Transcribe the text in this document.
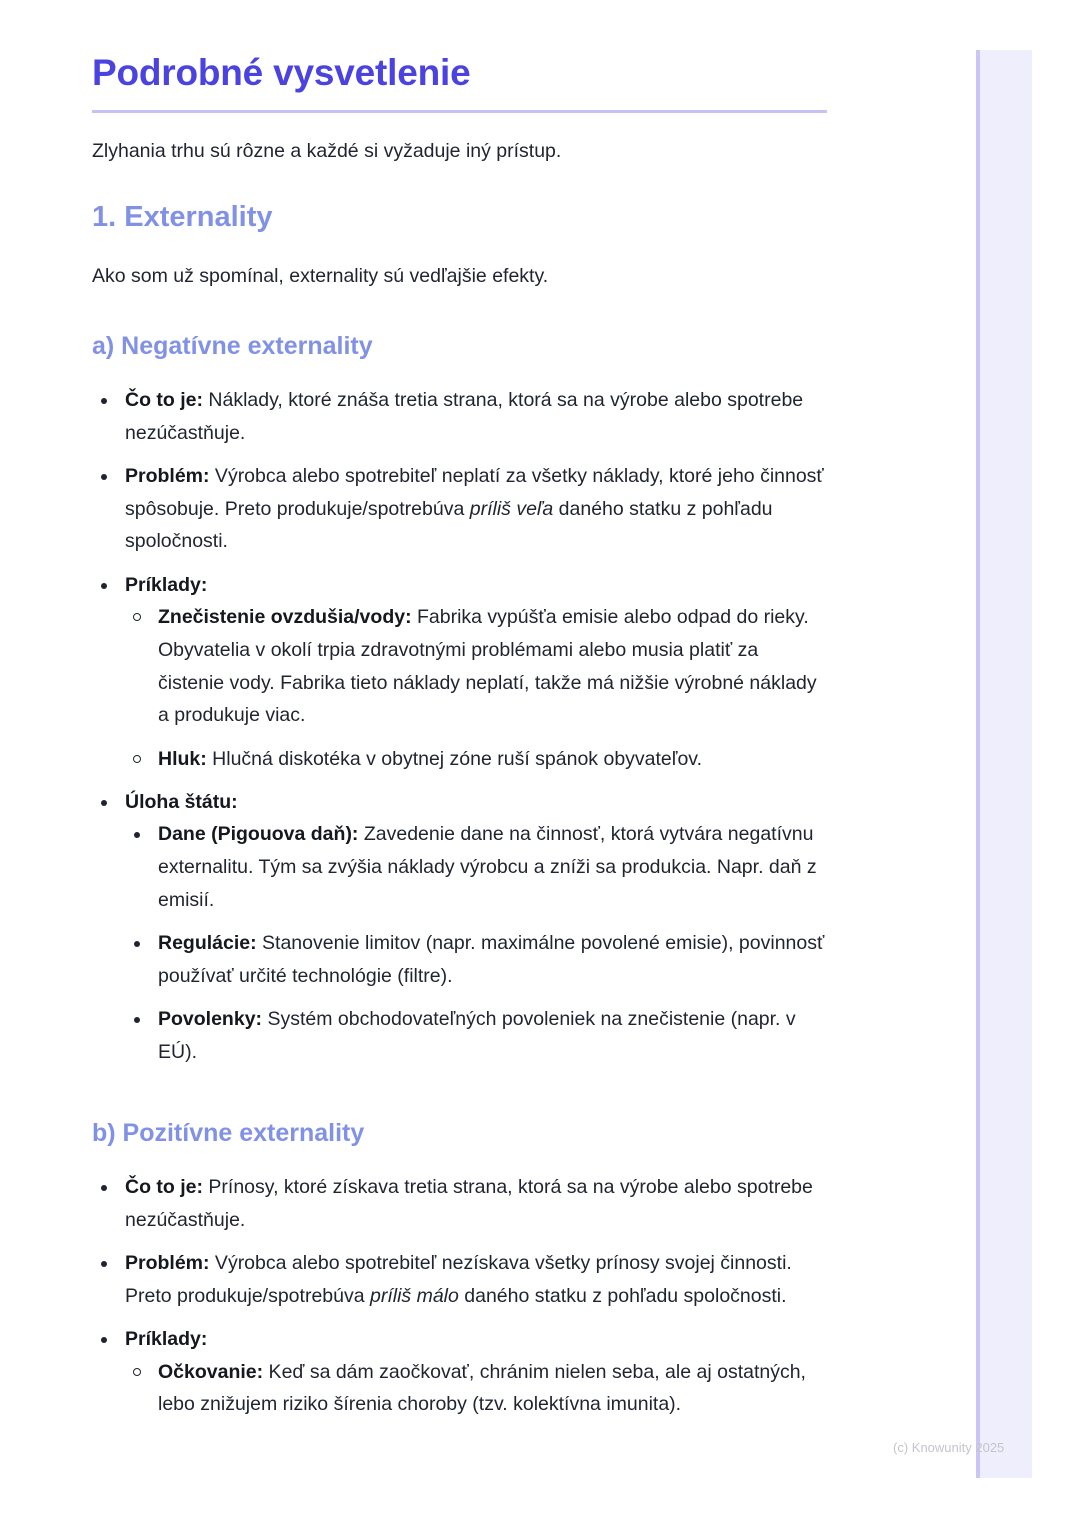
Podrobné vysvetlenie

Zlyhania trhu sú rôzne a každé si vyžaduje iný prístup.

1. Externality

Ako som už spomínal, externality sú vedľajšie efekty.

a) Negatívne externality
Čo to je: Náklady, ktoré znáša tretia strana, ktorá sa na výrobe alebo spotrebe nezúčastňuje.
Problém: Výrobca alebo spotrebiteľ neplatí za všetky náklady, ktoré jeho činnosť spôsobuje. Preto produkuje/spotrebúva príliš veľa daného statku z pohľadu spoločnosti.
Príklady:
Znečistenie ovzdušia/vody: Fabrika vypúšťa emisie alebo odpad do rieky. Obyvatelia v okolí trpia zdravotnými problémami alebo musia platiť za čistenie vody. Fabrika tieto náklady neplatí, takže má nižšie výrobné náklady a produkuje viac.
Hluk: Hlučná diskotéka v obytnej zóne ruší spánok obyvateľov.
Úloha štátu:
Dane (Pigouova daň): Zavedenie dane na činnosť, ktorá vytvára negatívnu externalitu. Tým sa zvýšia náklady výrobcu a zníži sa produkcia. Napr. daň z emisií.
Regulácie: Stanovenie limitov (napr. maximálne povolené emisie), povinnosť používať určité technológie (filtre).
Povolenky: Systém obchodovateľných povoleniek na znečistenie (napr. v EÚ).
b) Pozitívne externality
Čo to je: Prínosy, ktoré získava tretia strana, ktorá sa na výrobe alebo spotrebe nezúčastňuje.
Problém: Výrobca alebo spotrebiteľ nezískava všetky prínosy svojej činnosti. Preto produkuje/spotrebúva príliš málo daného statku z pohľadu spoločnosti.
Príklady:
Očkovanie: Keď sa dám zaočkovať, chránim nielen seba, ale aj ostatných, lebo znižujem riziko šírenia choroby (tzv. kolektívna imunita).
(c) Knowunity 2025
